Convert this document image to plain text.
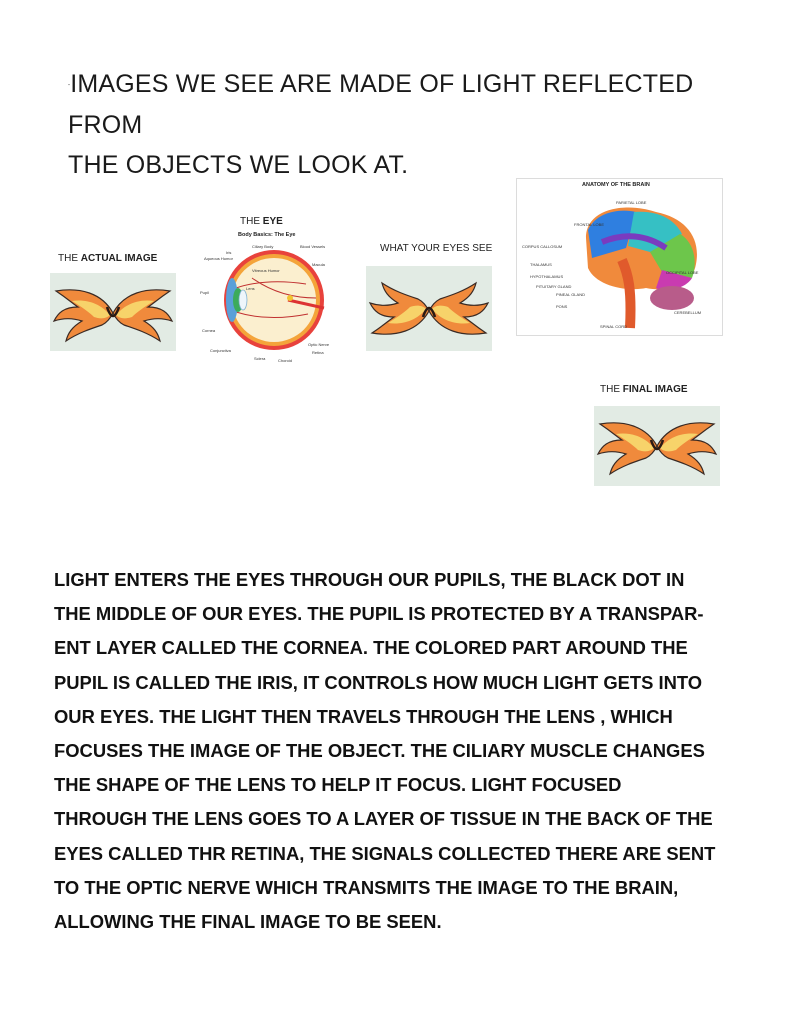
-IMAGES WE SEE ARE MADE OF LIGHT REFLECTED FROM
THE OBJECTS WE LOOK AT.
THE ACTUAL IMAGE
THE EYE
WHAT YOUR EYES SEE
THE FINAL IMAGE
Body Basics: The Eye
Ciliary Body	Blood Vessels
Iris
Aqueous Humor
Vitreous Humor
Macula
Pupil
Lens
Cornea
Optic Nerve
Conjunctiva	Retina
Sclera	Choroid
ANATOMY OF THE BRAIN
FRONTAL LOBE
PARIETAL LOBE
OCCIPITAL LOBE
CORPUS CALLOSUM
THALAMUS
HYPOTHALAMUS
PITUITARY GLAND
PINEAL GLAND
CEREBELLUM
PONS
SPINAL CORD

LIGHT ENTERS THE EYES THROUGH OUR PUPILS, THE BLACK DOT IN

THE MIDDLE OF OUR EYES. THE PUPIL IS PROTECTED BY A TRANSPAR-

ENT LAYER CALLED THE CORNEA. THE COLORED PART AROUND THE

PUPIL IS CALLED THE IRIS, IT CONTROLS HOW MUCH LIGHT GETS INTO

OUR EYES. THE LIGHT THEN TRAVELS THROUGH THE LENS , WHICH

FOCUSES THE IMAGE OF THE OBJECT. THE CILIARY MUSCLE CHANGES

THE SHAPE OF THE LENS TO HELP IT FOCUS. LIGHT FOCUSED

THROUGH THE LENS GOES TO A LAYER OF TISSUE IN THE BACK OF THE

EYES CALLED THR RETINA, THE SIGNALS COLLECTED THERE ARE SENT

TO THE OPTIC NERVE WHICH TRANSMITS THE IMAGE TO THE BRAIN,

ALLOWING THE FINAL IMAGE TO BE SEEN.
